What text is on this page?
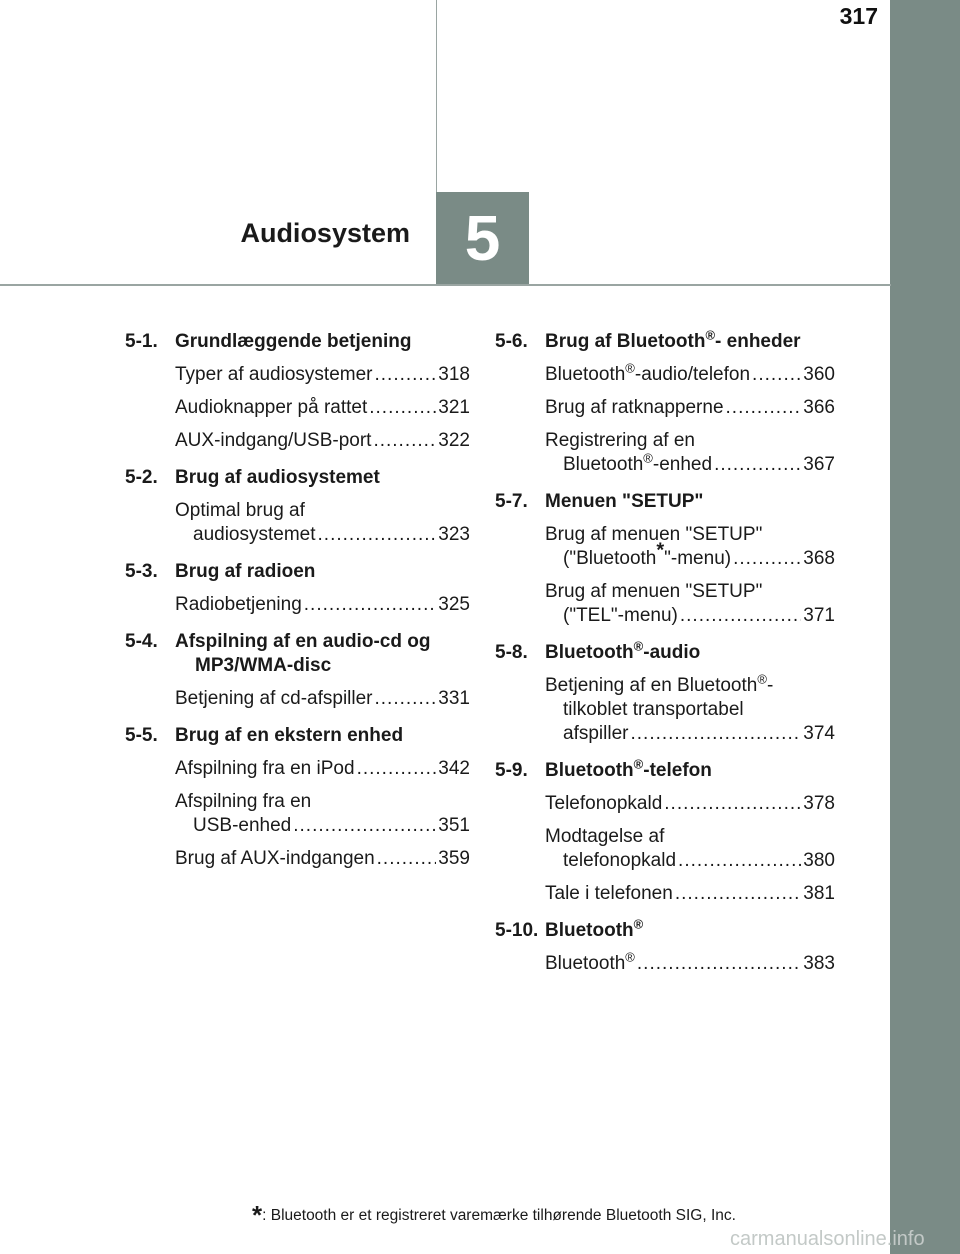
317
5
Audiosystem
5-1. Grundlæggende betjening
Typer af audiosystemer .....	318
Audioknapper på rattet .....	321
AUX-indgang/USB-port .....	322
5-2. Brug af audiosystemet
Optimal brug af
audiosystemet .....	323
5-3. Brug af radioen
Radiobetjening .....	325
5-4. Afspilning af en audio-cd og MP3/WMA-disc
Betjening af cd-afspiller .....	331
5-5. Brug af en ekstern enhed
Afspilning fra en iPod .....	342
Afspilning fra en
USB-enhed .....	351
Brug af AUX-indgangen .....	359
5-6. Brug af Bluetooth®- enheder
Bluetooth®-audio/telefon .....	360
Brug af ratknapperne .....	366
Registrering af en
Bluetooth®-enhed .....	367
5-7. Menuen "SETUP"
Brug af menuen "SETUP"
("Bluetooth*"-menu) .....	368
Brug af menuen "SETUP"
("TEL"-menu) .....	371
5-8. Bluetooth®-audio
Betjening af en Bluetooth®-
tilkoblet transportabel
afspiller .....	374
5-9. Bluetooth®-telefon
Telefonopkald .....	378
Modtagelse af
telefonopkald .....	380
Tale i telefonen .....	381
5-10. Bluetooth®
Bluetooth® .....	383
*: Bluetooth er et registreret varemærke tilhørende Bluetooth SIG, Inc.
carmanualsonline.info
